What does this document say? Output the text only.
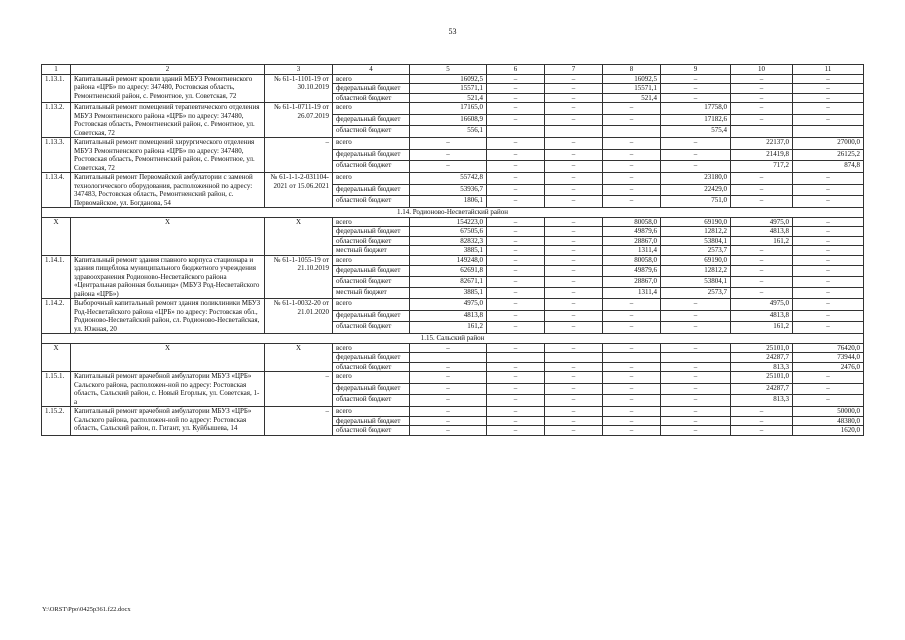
53
1	2	3	4	5	6	7	8	9	10	11
1.13.1.	Капитальный ремонт кровли зданий МБУЗ Ремонтненского района «ЦРБ» по адресу: 347480, Ростовская область, Ремонтненский район, с. Ремонтное, ул. Советская, 72	№ 61-1-1101-19 от 30.10.2019	всего	16092,5	–	–	16092,5	–	–	–
			федеральный бюджет	15571,1	–	–	15571,1	–	–	–
			областной бюджет	521,4	–	–	521,4	–	–	–
1.13.2.	Капитальный ремонт помещений терапевтического отделения МБУЗ Ремонтненского района «ЦРБ» по адресу: 347480, Ростовская область, Ремонтненский район, с. Ремонтное, ул. Советская, 72	№ 61-1-0711-19 от 26.07.2019	всего	17165,0	–	–	–	17758,0	–	–
			федеральный бюджет	16608,9	–	–	–	17182,6	–	–
			областной бюджет	556,1				575,4		
1.13.3.	Капитальный ремонт помещений хирургического отделения МБУЗ Ремонтненского района «ЦРБ» по адресу: 347480, Ростовская область, Ремонтненский район, с. Ремонтное, ул. Советская, 72	–	всего	–	–	–	–	–	22137,0	27000,0
			федеральный бюджет	–	–	–	–	–	21419,8	26125,2
			областной бюджет	–	–	–	–	–	717,2	874,8
1.13.4.	Капитальный ремонт Первомайской амбулатории с заменой технологического оборудования, расположенной по адресу: 347483, Ростовская область, Ремонтненский район, с. Первомайское, ул. Богданова, 54	№ 61-1-1-2-031104-2021 от 15.06.2021	всего	55742,8	–	–	–	23180,0	–	–
			федеральный бюджет	53936,7	–	–	–	22429,0	–	–
			областной бюджет	1806,1	–	–	–	751,0	–	–
1.14. Родионово-Несветайский район										
Х	Х	Х	всего	154223,0	–	–	80058,0	69190,0	4975,0	–
			федеральный бюджет	67505,6	–	–	49879,6	12812,2	4813,8	–
			областной бюджет	82832,3	–	–	28867,0	53804,1	161,2	–
			местный бюджет	3885,1	–	–	1311,4	2573,7	–	–
1.14.1.	Капитальный ремонт здания главного корпуса стационара и здания пищеблока муниципального бюджетного учреждения здравоохранения Родионово-Несветайского района «Центральная районная больница» (МБУЗ Род-Несветайского района «ЦРБ»)	№ 61-1-1055-19 от 21.10.2019	всего	149248,0	–	–	80058,0	69190,0	–	–
			федеральный бюджет	62691,8	–	–	49879,6	12812,2	–	–
			областной бюджет	82671,1	–	–	28867,0	53804,1	–	–
			местный бюджет	3885,1	–	–	1311,4	2573,7	–	–
1.14.2.	Выборочный капитальный ремонт здания поликлиники МБУЗ Род-Несветайского района «ЦРБ» по адресу: Ростовская обл., Родионово-Несветайский район, сл. Родионово-Несветайская, ул. Южная, 20	№ 61-1-0032-20 от 21.01.2020	всего	4975,0	–	–	–	–	4975,0	–
			федеральный бюджет	4813,8	–	–	–	–	4813,8	–
			областной бюджет	161,2	–	–	–	–	161,2	–
1.15. Сальский район										
Х	Х	Х	всего	–	–	–	–	–	25101,0	76420,0
			федеральный бюджет						24287,7	73944,0
			областной бюджет	–	–	–	–	–	813,3	2476,0
1.15.1.	Капитальный ремонт врачебной амбулатории МБУЗ «ЦРБ» Сальского района, расположен-ной по адресу: Ростовская область, Сальский район, с. Новый Егорлык, ул. Советская, 1-а	–	всего	–	–	–	–	–	25101,0	–
			федеральный бюджет	–	–	–	–	–	24287,7	–
			областной бюджет	–	–	–	–	–	813,3	–
1.15.2.	Капитальный ремонт врачебной амбулатории МБУЗ «ЦРБ» Сальского района, расположен-ной по адресу: Ростовская область, Сальский район, п. Гигант, ул. Куйбышева, 14	–	всего	–	–	–	–	–	–	50000,0
			федеральный бюджет	–	–	–	–	–	–	48380,0
			областной бюджет	–	–	–	–	–	–	1620,0
Y:\ORST\Ppo\0425p361.f22.docx
